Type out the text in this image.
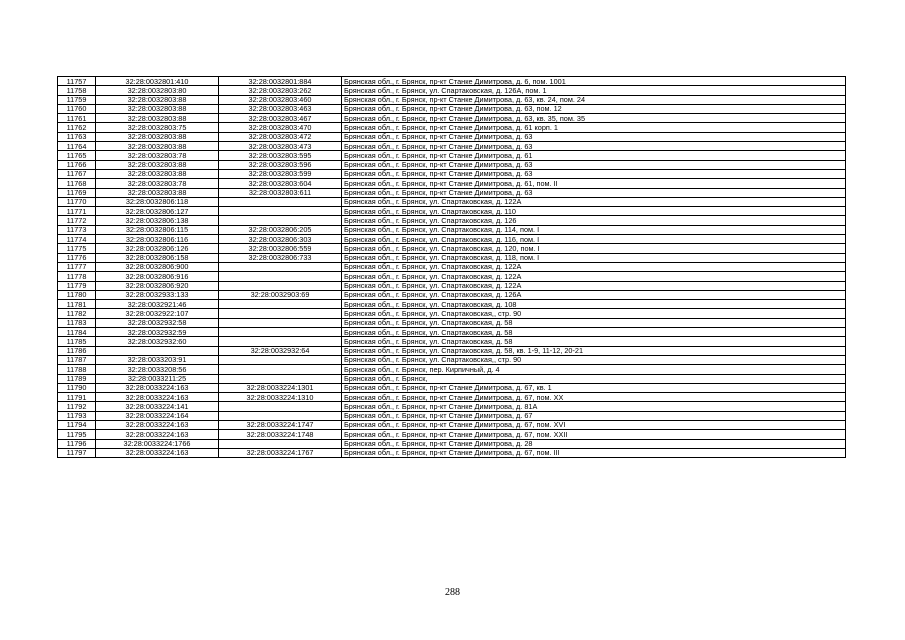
11757	32:28:0032801:410	32:28:0032801:884	Брянская обл., г. Брянск, пр-кт Станке Димитрова, д. 6, пом. 1001
11758	32:28:0032803:80	32:28:0032803:262	Брянская обл., г. Брянск, ул. Спартаковская, д. 126А, пом. 1
11759	32:28:0032803:88	32:28:0032803:460	Брянская обл., г. Брянск, пр-кт Станке Димитрова, д. 63, кв. 24, пом. 24
11760	32:28:0032803:88	32:28:0032803:463	Брянская обл., г. Брянск, пр-кт Станке Димитрова, д. 63, пом. 12
11761	32:28:0032803:88	32:28:0032803:467	Брянская обл., г. Брянск, пр-кт Станке Димитрова, д. 63, кв. 35, пом. 35
11762	32:28:0032803:75	32:28:0032803:470	Брянская обл., г. Брянск, пр-кт Станке Димитрова, д. 61 корп. 1
11763	32:28:0032803:88	32:28:0032803:472	Брянская обл., г. Брянск, пр-кт Станке Димитрова, д. 63
11764	32:28:0032803:88	32:28:0032803:473	Брянская обл., г. Брянск, пр-кт Станке Димитрова, д. 63
11765	32:28:0032803:78	32:28:0032803:595	Брянская обл., г. Брянск, пр-кт Станке Димитрова, д. 61
11766	32:28:0032803:88	32:28:0032803:596	Брянская обл., г. Брянск, пр-кт Станке Димитрова, д. 63
11767	32:28:0032803:88	32:28:0032803:599	Брянская обл., г. Брянск, пр-кт Станке Димитрова, д. 63
11768	32:28:0032803:78	32:28:0032803:604	Брянская обл., г. Брянск, пр-кт Станке Димитрова, д. 61, пом. II
11769	32:28:0032803:88	32:28:0032803:611	Брянская обл., г. Брянск, пр-кт Станке Димитрова, д. 63
11770	32:28:0032806:118		Брянская обл., г. Брянск, ул. Спартаковская, д. 122А
11771	32:28:0032806:127		Брянская обл., г. Брянск, ул. Спартаковская, д. 110
11772	32:28:0032806:138		Брянская обл., г. Брянск, ул. Спартаковская, д. 126
11773	32:28:0032806:115	32:28:0032806:205	Брянская обл., г. Брянск, ул. Спартаковская, д. 114, пом. I
11774	32:28:0032806:116	32:28:0032806:303	Брянская обл., г. Брянск, ул. Спартаковская, д. 116, пом. I
11775	32:28:0032806:126	32:28:0032806:559	Брянская обл., г. Брянск, ул. Спартаковская, д. 120, пом. I
11776	32:28:0032806:158	32:28:0032806:733	Брянская обл., г. Брянск, ул. Спартаковская, д. 118, пом. I
11777	32:28:0032806:900		Брянская обл., г. Брянск, ул. Спартаковская, д. 122А
11778	32:28:0032806:916		Брянская обл., г. Брянск, ул. Спартаковская, д. 122А
11779	32:28:0032806:920		Брянская обл., г. Брянск, ул. Спартаковская, д. 122А
11780	32:28:0032933:133	32:28:0032903:69	Брянская обл., г. Брянск, ул. Спартаковская, д. 126А
11781	32:28:0032921:46		Брянская обл., г. Брянск, ул. Спартаковская, д. 108
11782	32:28:0032922:107		Брянская обл., г. Брянск, ул. Спартаковская,, стр. 90
11783	32:28:0032932:58		Брянская обл., г. Брянск, ул. Спартаковская, д. 58
11784	32:28:0032932:59		Брянская обл., г. Брянск, ул. Спартаковская, д. 58
11785	32:28:0032932:60		Брянская обл., г. Брянск, ул. Спартаковская, д. 58
11786		32:28:0032932:64	Брянская обл., г. Брянск, ул. Спартаковская, д. 58, кв. 1-9, 11-12, 20-21
11787	32:28:0033203:91		Брянская обл., г. Брянск, ул. Спартаковская,, стр. 90
11788	32:28:0033208:56		Брянская обл., г. Брянск, пер. Кирпичный, д. 4
11789	32:28:0033211:25		Брянская обл., г. Брянск,
11790	32:28:0033224:163	32:28:0033224:1301	Брянская обл., г. Брянск, пр-кт Станке Димитрова, д. 67, кв. 1
11791	32:28:0033224:163	32:28:0033224:1310	Брянская обл., г. Брянск, пр-кт Станке Димитрова, д. 67, пом. XX
11792	32:28:0033224:141		Брянская обл., г. Брянск, пр-кт Станке Димитрова, д. 81А
11793	32:28:0033224:164		Брянская обл., г. Брянск, пр-кт Станке Димитрова, д. 67
11794	32:28:0033224:163	32:28:0033224:1747	Брянская обл., г. Брянск, пр-кт Станке Димитрова, д. 67, пом. XVI
11795	32:28:0033224:163	32:28:0033224:1748	Брянская обл., г. Брянск, пр-кт Станке Димитрова, д. 67, пом. XXII
11796	32:28:0033224:1766		Брянская обл., г. Брянск, пр-кт Станке Димитрова, д. 28
11797	32:28:0033224:163	32:28:0033224:1767	Брянская обл., г. Брянск, пр-кт Станке Димитрова, д. 67, пом. III
288
